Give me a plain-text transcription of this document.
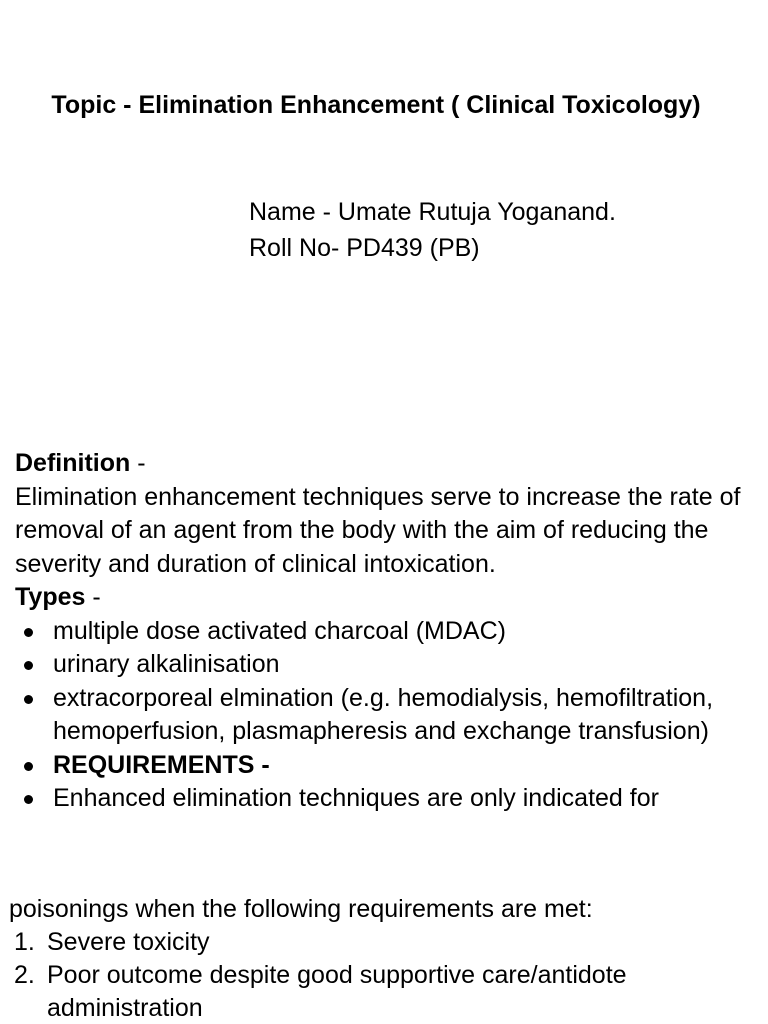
Topic - Elimination Enhancement ( Clinical Toxicology)
Name - Umate Rutuja Yoganand.
Roll No- PD439 (PB)

Definition -

Elimination enhancement techniques serve to increase the rate of removal of an agent from the body with the aim of reducing the severity and duration of clinical intoxication.

Types -

multiple dose activated charcoal (MDAC)
urinary alkalinisation
extracorporeal elmination (e.g. hemodialysis, hemofiltration, hemoperfusion, plasmapheresis and exchange transfusion)
REQUIREMENTS -
Enhanced elimination techniques are only indicated for

poisonings when the following requirements are met:

1. Severe toxicity
2. Poor outcome despite good supportive care/antidote administration
